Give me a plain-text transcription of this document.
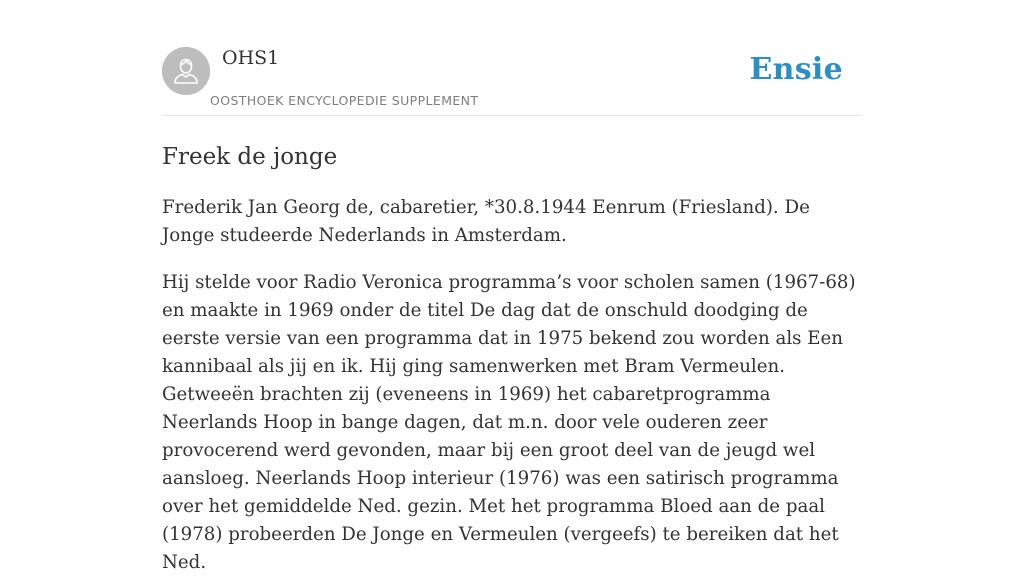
OHS1
OOSTHOEK ENCYCLOPEDIE SUPPLEMENT
Ensie
Freek de jonge

Frederik Jan Georg de, cabaretier, *30.8.1944 Eenrum (Friesland). De Jonge studeerde Nederlands in Amsterdam.

Hij stelde voor Radio Veronica programma’s voor scholen samen (1967-68) en maakte in 1969 onder de titel De dag dat de onschuld doodging de eerste versie van een programma dat in 1975 bekend zou worden als Een kannibaal als jij en ik. Hij ging samenwerken met Bram Vermeulen. Getweeën brachten zij (eveneens in 1969) het cabaretprogramma Neerlands Hoop in bange dagen, dat m.n. door vele ouderen zeer provocerend werd gevonden, maar bij een groot deel van de jeugd wel aansloeg. Neerlands Hoop interieur (1976) was een satirisch programma over het gemiddelde Ned. gezin. Met het programma Bloed aan de paal (1978) probeerden De Jonge en Vermeulen (vergeefs) te bereiken dat het Ned.
